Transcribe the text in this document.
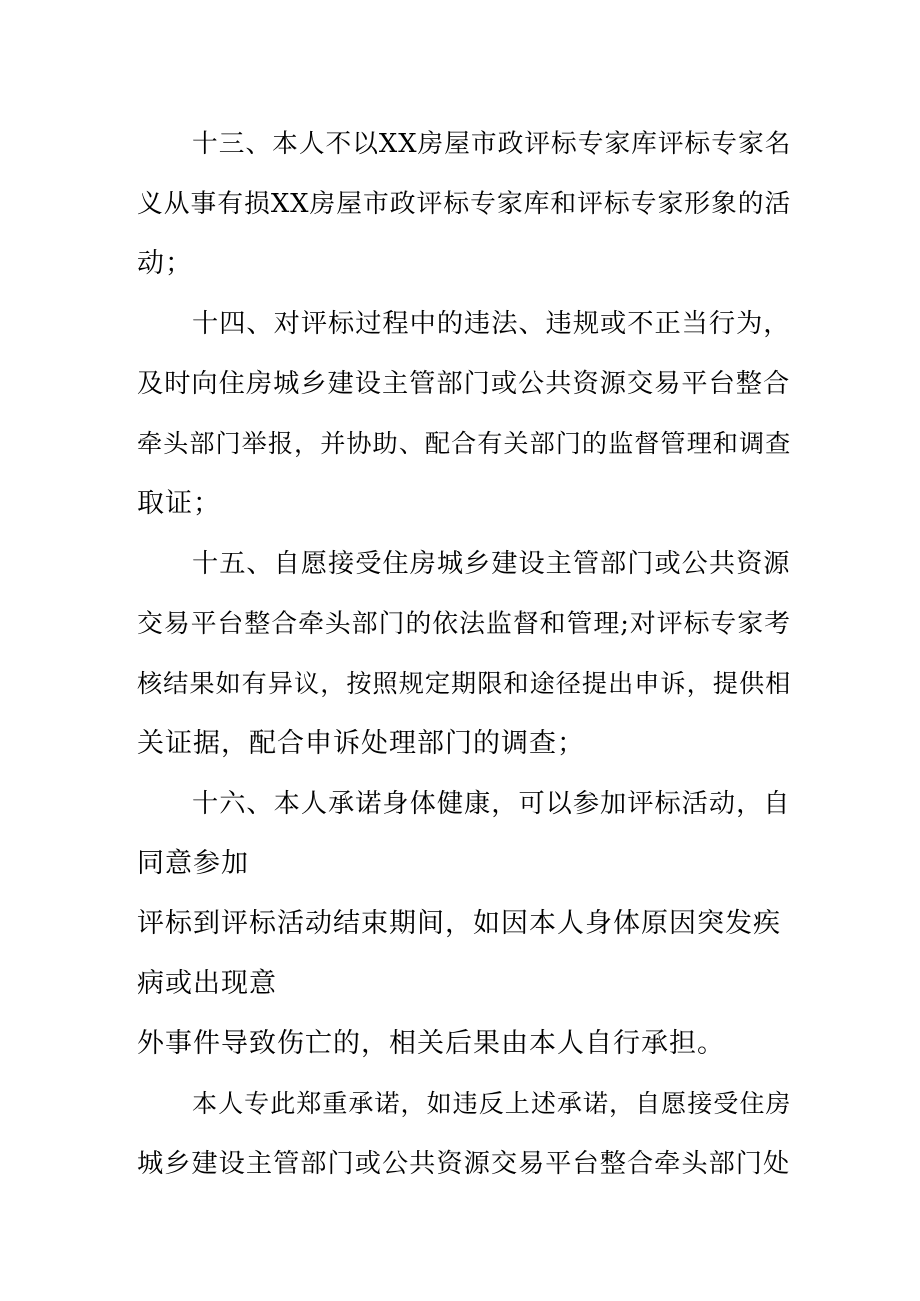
十三、本人不以XX房屋市政评标专家库评标专家名
义从事有损XX房屋市政评标专家库和评标专家形象的活
动；
十四、对评标过程中的违法、违规或不正当行为，
及时向住房城乡建设主管部门或公共资源交易平台整合
牵头部门举报，并协助、配合有关部门的监督管理和调查
取证；
十五、自愿接受住房城乡建设主管部门或公共资源
交易平台整合牵头部门的依法监督和管理;对评标专家考
核结果如有异议，按照规定期限和途径提出申诉，提供相
关证据，配合申诉处理部门的调查；
十六、本人承诺身体健康，可以参加评标活动，自
同意参加
评标到评标活动结束期间，如因本人身体原因突发疾
病或出现意
外事件导致伤亡的，相关后果由本人自行承担。
本人专此郑重承诺，如违反上述承诺，自愿接受住房
城乡建设主管部门或公共资源交易平台整合牵头部门处
